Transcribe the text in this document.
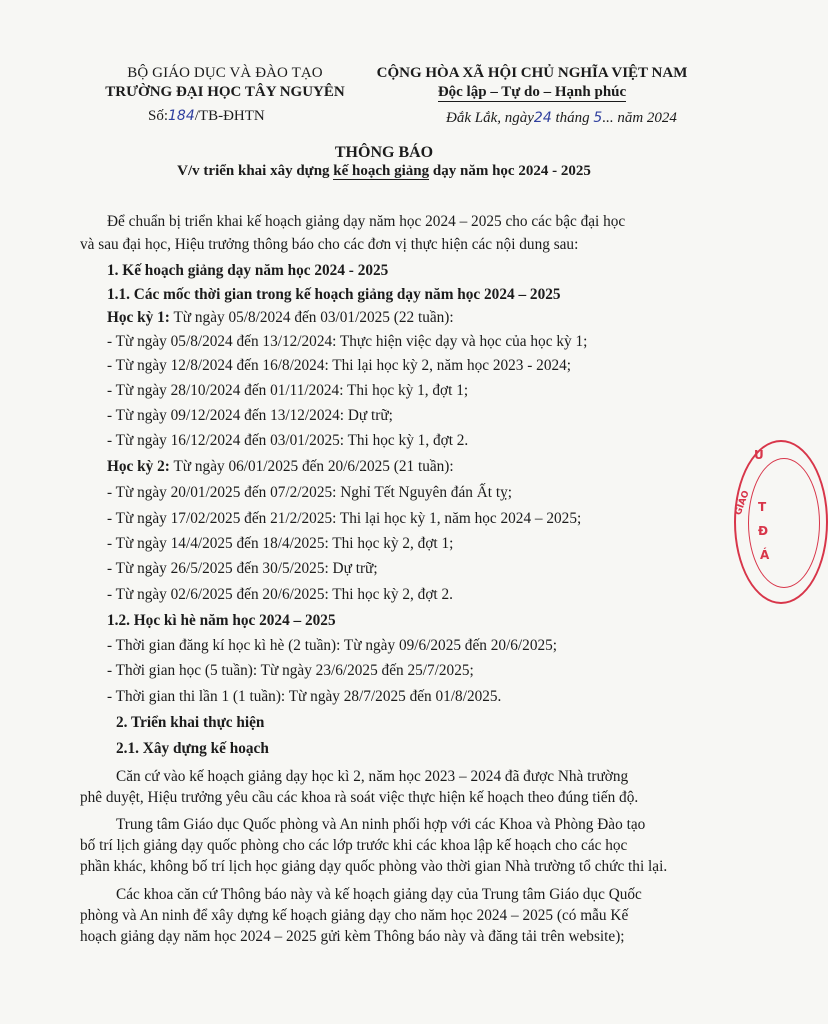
BỘ GIÁO DỤC VÀ ĐÀO TẠO
TRƯỜNG ĐẠI HỌC TÂY NGUYÊN
CỘNG HÒA XÃ HỘI CHỦ NGHĨA VIỆT NAM
Độc lập – Tự do – Hạnh phúc
Số:184/TB-ĐHTN	Đắk Lắk, ngày24 tháng 5... năm 2024
THÔNG BÁO
V/v triển khai xây dựng kế hoạch giảng dạy năm học 2024 - 2025
Để chuẩn bị triển khai kế hoạch giảng dạy năm học 2024 – 2025 cho các bậc đại học
và sau đại học, Hiệu trưởng thông báo cho các đơn vị thực hiện các nội dung sau:
1. Kế hoạch giảng dạy năm học 2024 - 2025
1.1. Các mốc thời gian trong kế hoạch giảng dạy năm học 2024 – 2025
Học kỳ 1: Từ ngày 05/8/2024 đến 03/01/2025 (22 tuần):
- Từ ngày 05/8/2024 đến 13/12/2024: Thực hiện việc dạy và học của học kỳ 1;
- Từ ngày 12/8/2024 đến 16/8/2024: Thi lại học kỳ 2, năm học 2023 - 2024;
- Từ ngày 28/10/2024 đến 01/11/2024: Thi học kỳ 1, đợt 1;
- Từ ngày 09/12/2024 đến 13/12/2024: Dự trữ;
- Từ ngày 16/12/2024 đến 03/01/2025: Thi học kỳ 1, đợt 2.
Học kỳ 2: Từ ngày 06/01/2025 đến 20/6/2025 (21 tuần):
- Từ ngày 20/01/2025 đến 07/2/2025: Nghỉ Tết Nguyên đán Ất tỵ;
- Từ ngày 17/02/2025 đến 21/2/2025: Thi lại học kỳ 1, năm học 2024 – 2025;
- Từ ngày 14/4/2025 đến 18/4/2025: Thi học kỳ 2, đợt 1;
- Từ ngày 26/5/2025 đến 30/5/2025: Dự trữ;
- Từ ngày 02/6/2025 đến 20/6/2025: Thi học kỳ 2, đợt 2.
1.2. Học kì hè năm học 2024 – 2025
- Thời gian đăng kí học kì hè (2 tuần): Từ ngày 09/6/2025 đến 20/6/2025;
- Thời gian học (5 tuần): Từ ngày 23/6/2025 đến 25/7/2025;
- Thời gian thi lần 1 (1 tuần): Từ ngày 28/7/2025 đến 01/8/2025.
2. Triển khai thực hiện
2.1. Xây dựng kế hoạch
Căn cứ vào kế hoạch giảng dạy học kì 2, năm học 2023 – 2024 đã được Nhà trường
phê duyệt, Hiệu trưởng yêu cầu các khoa rà soát việc thực hiện kế hoạch theo đúng tiến độ.
Trung tâm Giáo dục Quốc phòng và An ninh phối hợp với các Khoa và Phòng Đào tạo
bố trí lịch giảng dạy quốc phòng cho các lớp trước khi các khoa lập kế hoạch cho các học
phần khác, không bố trí lịch học giảng dạy quốc phòng vào thời gian Nhà trường tổ chức thi lại.
Các khoa căn cứ Thông báo này và kế hoạch giảng dạy của Trung tâm Giáo dục Quốc
phòng và An ninh để xây dựng kế hoạch giảng dạy cho năm học 2024 – 2025 (có mẫu Kế
hoạch giảng dạy năm học 2024 – 2025 gửi kèm Thông báo này và đăng tải trên website);
U
T
GIÁO
Đ
Á
